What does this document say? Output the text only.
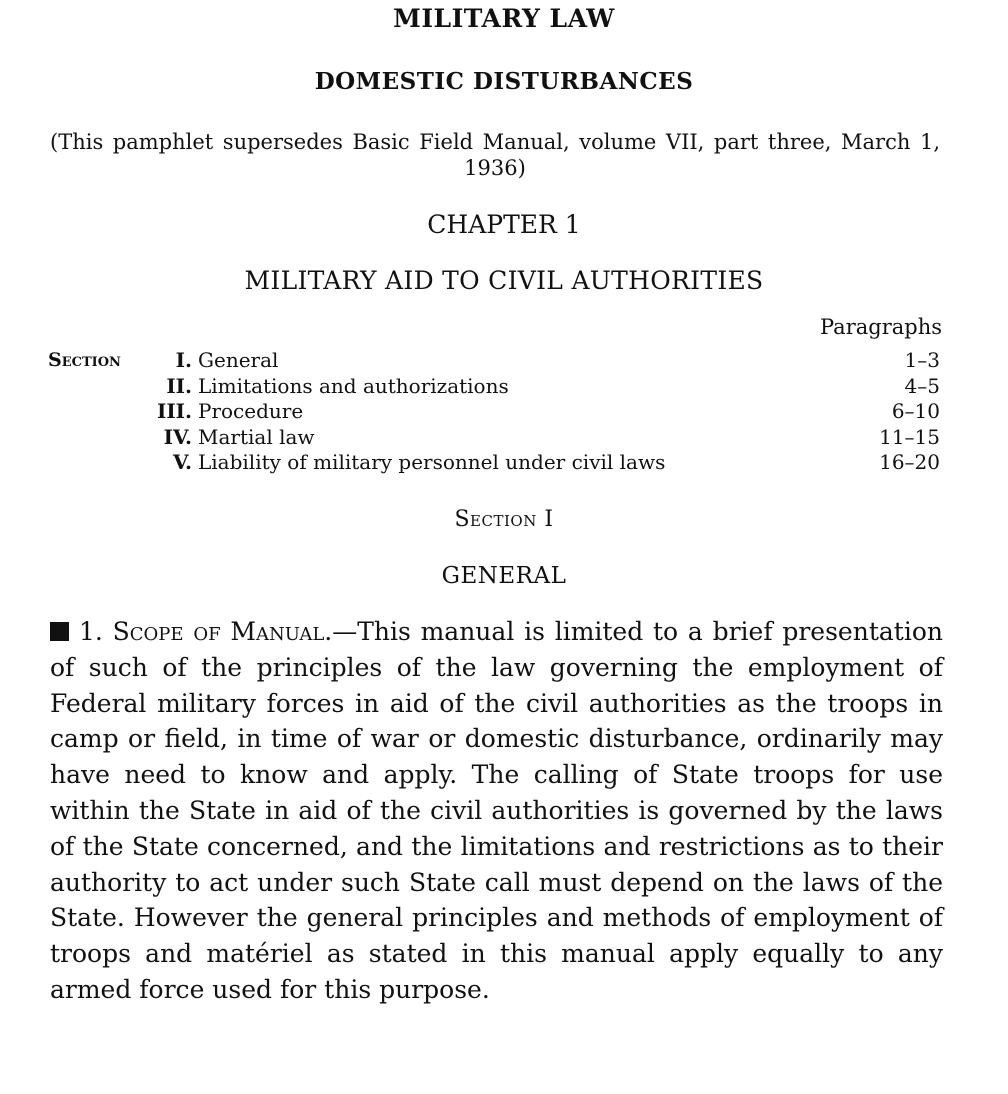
MILITARY LAW
DOMESTIC DISTURBANCES
(This pamphlet supersedes Basic Field Manual, volume VII, part three, March 1, 1936)
CHAPTER 1
MILITARY AID TO CIVIL AUTHORITIES
Paragraphs
Section	I. General	1–3
II. Limitations and authorizations	4–5
III. Procedure	6–10
IV. Martial law	11–15
V. Liability of military personnel under civil laws	16–20
Section I
GENERAL
1. Scope of Manual.—This manual is limited to a brief presentation of such of the principles of the law governing the employment of Federal military forces in aid of the civil authorities as the troops in camp or field, in time of war or domestic disturbance, ordinarily may have need to know and apply. The calling of State troops for use within the State in aid of the civil authorities is governed by the laws of the State concerned, and the limitations and restrictions as to their authority to act under such State call must depend on the laws of the State. However the general principles and methods of employment of troops and matériel as stated in this manual apply equally to any armed force used for this purpose.
